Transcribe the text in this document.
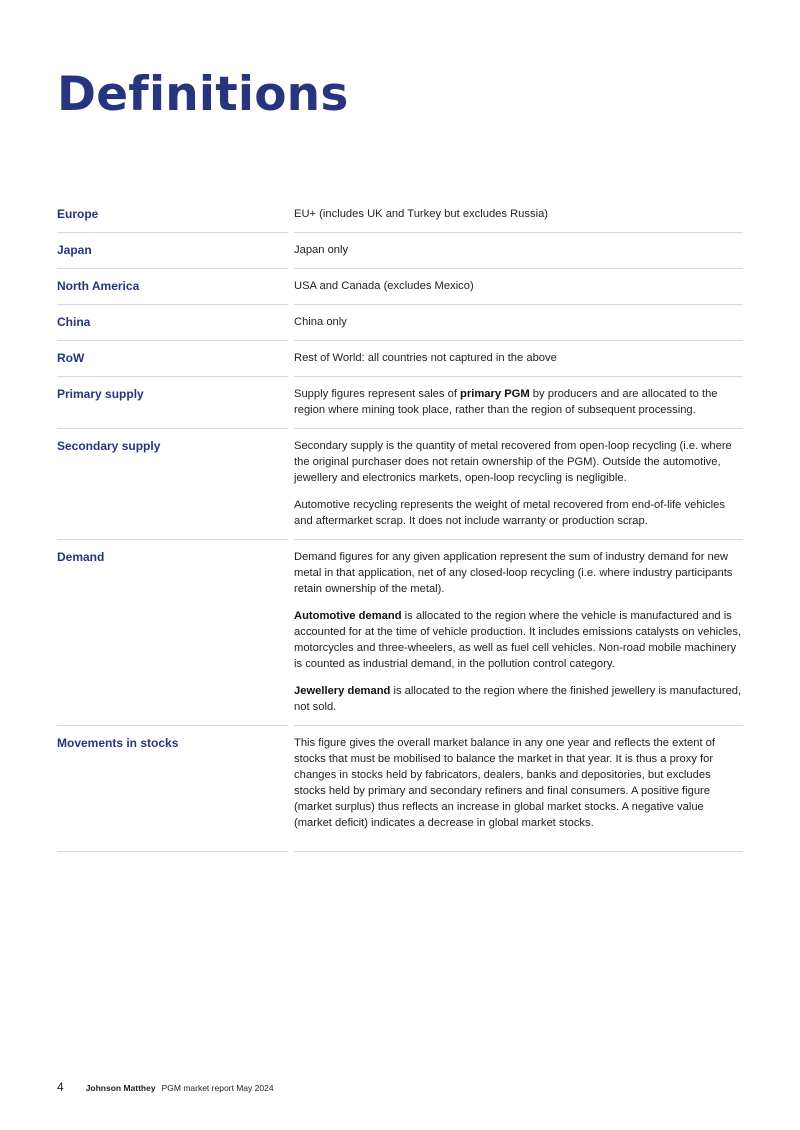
Definitions
Europe	EU+ (includes UK and Turkey but excludes Russia)

Japan	Japan only

North America	USA and Canada (excludes Mexico)

China	China only

RoW	Rest of World: all countries not captured in the above

Primary supply	Supply figures represent sales of primary PGM by producers and are allocated to the region where mining took place, rather than the region of subsequent processing.

Secondary supply	Secondary supply is the quantity of metal recovered from open-loop recycling (i.e. where the original purchaser does not retain ownership of the PGM). Outside the automotive, jewellery and electronics markets, open-loop recycling is negligible.

Automotive recycling represents the weight of metal recovered from end-of-life vehicles and aftermarket scrap. It does not include warranty or production scrap.

Demand	Demand figures for any given application represent the sum of industry demand for new metal in that application, net of any closed-loop recycling (i.e. where industry participants retain ownership of the metal).

Automotive demand is allocated to the region where the vehicle is manufactured and is accounted for at the time of vehicle production. It includes emissions catalysts on vehicles, motorcycles and three-wheelers, as well as fuel cell vehicles. Non-road mobile machinery is counted as industrial demand, in the pollution control category.

Jewellery demand is allocated to the region where the finished jewellery is manufactured, not sold.

Movements in stocks	This figure gives the overall market balance in any one year and reflects the extent of stocks that must be mobilised to balance the market in that year. It is thus a proxy for changes in stocks held by fabricators, dealers, banks and depositories, but excludes stocks held by primary and secondary refiners and final consumers. A positive figure (market surplus) thus reflects an increase in global market stocks. A negative value (market deficit) indicates a decrease in global market stocks.

4	Johnson Matthey PGM market report May 2024
